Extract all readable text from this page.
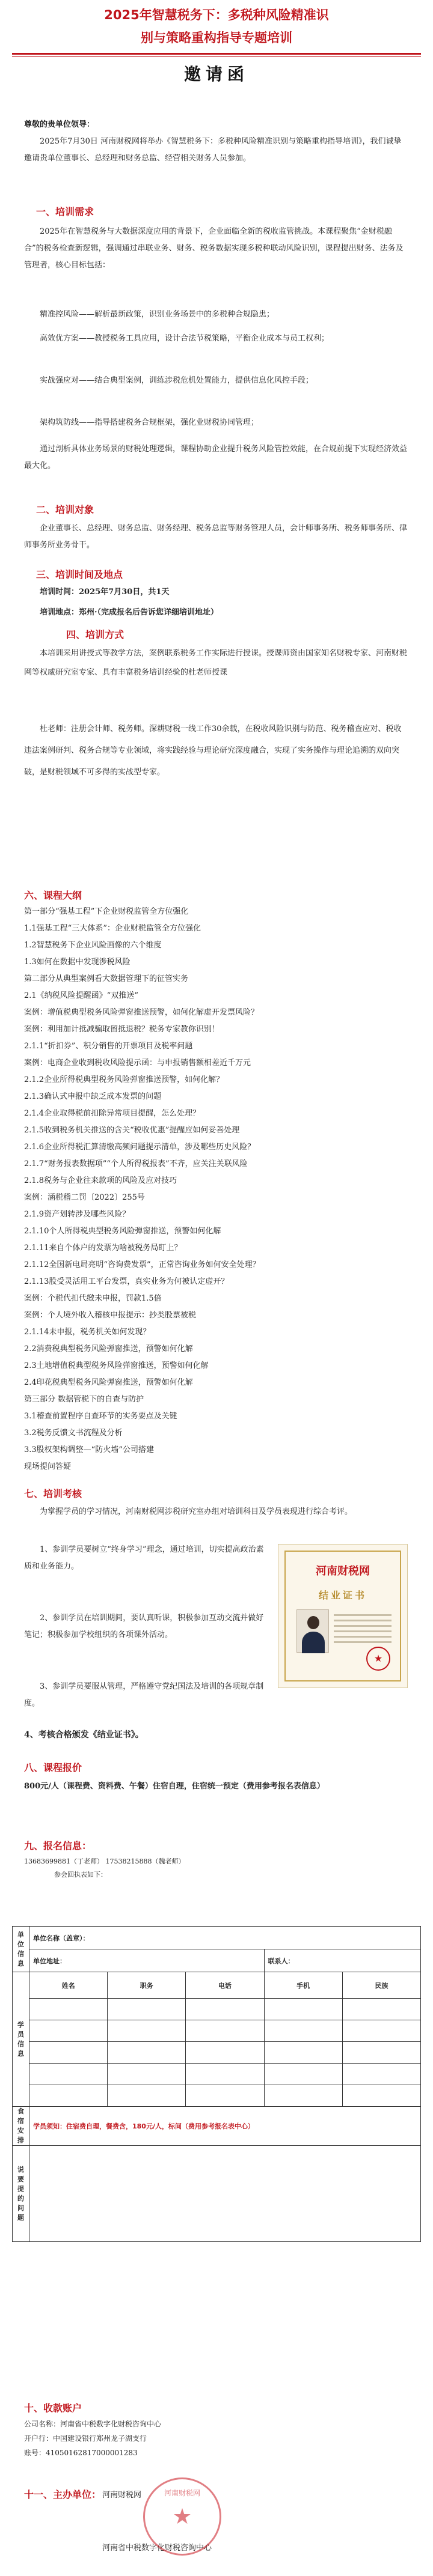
2025年智慧税务下：多税种风险精准识
别与策略重构指导专题培训
邀请函
尊敬的贵单位领导：
2025年7月30日 河南财税网将举办《智慧税务下：多税种风险精准识别与策略重构指导培训》，我们诚挚邀请贵单位董事长、总经理和财务总监、经营相关财务人员参加。
一、培训需求
2025年在智慧税务与大数据深度应用的背景下，企业面临全新的税收监管挑战。本课程聚焦“金财税融合”的税务检查新逻辑，强调通过串联业务、财务、税务数据实现多税种联动风险识别，课程提出财务、法务及管理者，核心目标包括：
精准控风险——解析最新政策，识别业务场景中的多税种合规隐患；
高效优方案——教授税务工具应用，设计合法节税策略，平衡企业成本与员工权利；
实战强应对——结合典型案例，训练涉税危机处置能力，提供信息化风控手段；
架构筑防线——指导搭建税务合规框架，强化业财税协同管理；
通过剖析具体业务场景的财税处理逻辑，课程协助企业提升税务风险管控效能，在合规前提下实现经济效益最大化。
二、培训对象
企业董事长、总经理、财务总监、财务经理、税务总监等财务管理人员，会计师事务所、税务师事务所、律师事务所业务骨干。
三、培训时间及地点
培训时间：2025年7月30日，共1天
培训地点：郑州·（完成报名后告诉您详细培训地址）
四、培训方式
本培训采用讲授式等教学方法，案例联系税务工作实际进行授课。授课师资由国家知名财税专家、河南财税网等权威研究室专家、具有丰富税务培训经验的杜老师授课
杜老师：注册会计师、税务师。深耕财税一线工作30余载，在税收风险识别与防范、税务稽查应对、税收违法案例研判、税务合规等专业领域，将实践经验与理论研究深度融合，实现了实务操作与理论追溯的双向突破，是财税领域不可多得的实战型专家。
六、课程大纲
第一部分“强基工程”下企业财税监管全方位强化
1.1强基工程“三大体系”：企业财税监管全方位强化
1.2智慧税务下企业风险画像的六个维度
1.3如何在数据中发现涉税风险
第二部分从典型案例看大数据管理下的征管实务
2.1《纳税风险提醒函》“双推送”
案例：增值税典型税务风险弹窗推送预警，如何化解虚开发票风险？
案例：利用加计抵减骗取留抵退税？税务专家教你识别！
2.1.1“折扣券”、积分销售的开票项目及税率问题
案例：电商企业收到税收风险提示函：与申报销售额相差近千万元
2.1.2企业所得税典型税务风险弹窗推送预警，如何化解？
2.1.3确认式申报中缺乏成本发票的问题
2.1.4企业取得税前扣除异常项目提醒，怎么处理？
2.1.5收到税务机关推送的含关“税收优惠”提醒应如何妥善处理
2.1.6企业所得税汇算清缴高频问题提示清单，涉及哪些历史风险？
2.1.7“财务报表数据项”“个人所得税报表”不齐，应关注关联风险
2.1.8税务与企业往来款项的风险及应对技巧
案例：涵税稽二罚〔2022〕255号
2.1.9资产划转涉及哪些风险？
2.1.10个人所得税典型税务风险弹窗推送，预警如何化解
2.1.11来自个体户的发票为啥被税务局盯上？
2.1.12全国新电局亮明“咨询费发票”，正常咨询业务如何安全处理？
2.1.13股受灵活用工平台发票，真实业务为何被认定虚开？
案例：个税代扣代缴未申报，罚款1.5倍
案例：个人境外收入稽核申报提示：抄类股票被税
2.1.14未申报，税务机关如何发现？
2.2消费税典型税务风险弹窗推送，预警如何化解
2.3土地增值税典型税务风险弹窗推送，预警如何化解
2.4印花税典型税务风险弹窗推送，预警如何化解
第三部分 数据管税下的自查与防护
3.1稽查前置程序自查环节的实务要点及关键
3.2税务反馈文书流程及分析
3.3股权架构调整—“防火墙”公司搭建
现场提问答疑
七、培训考核
为掌握学员的学习情况，河南财税网涉税研究室办组对培训科目及学员表现进行综合考评。
1、参训学员要树立“终身学习”理念，通过培训，切实提高政治素质和业务能力。
2、参训学员在培训期间，要认真听课，积极参加互动交流并做好笔记；积极参加学校组织的各项课外活动。
3、参训学员要服从管理，严格遵守党纪国法及培训的各项规章制度。
4、考核合格颁发《结业证书》。
河南财税网
结业证书
★
八、课程报价
800元/人（课程费、资料费、午餐）住宿自理，住宿统一预定（费用参考报名表信息）
九、报名信息：
13683699881（丁老师） 17538215888（魏老师）
参会回执表如下：
单位信息	单位名称（盖章）：				
	单位地址：			联系人：	
学员信息	姓名	职务	电话	手机	民族

食宿安排	学员须知：住宿费自理，餐费含，180元/人，标间（费用参考报名表中心）				
说要提的问题					
十、收款账户
公司名称：河南省中税数字化财税咨询中心
开户行：中国建设银行郑州龙子湖支行
账号：41050162817000001283
十一、主办单位： 河南财税网
河南省中税数字化财税咨询中心
河南财税网
★
